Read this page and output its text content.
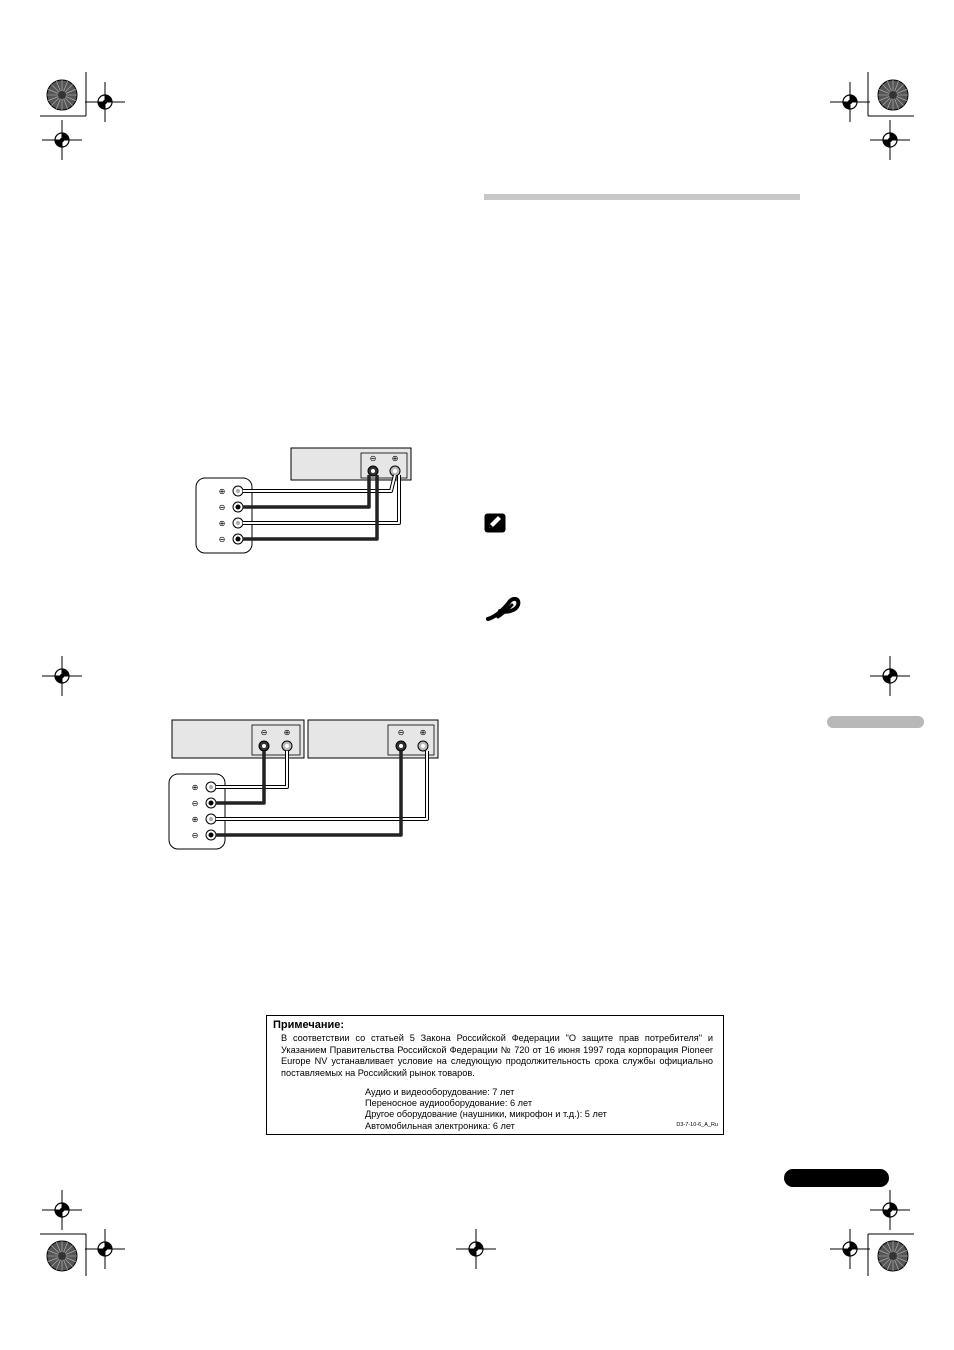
⊖ ⊕
⊕
⊖
⊕
⊖
⊖ ⊕	⊖ ⊕
⊕
⊖
⊕
⊖
Примечание:
В соответствии со статьей 5 Закона Российской Федерации "О защите прав потребителя" и Указанием Правительства Российской Федерации № 720 от 16 июня 1997 года корпорация Pioneer Europe NV устанавливает условие на следующую продолжительность срока службы официально поставляемых на Российский рынок товаров.
Аудио и видеооборудование: 7 лет
Переносное аудиооборудование: 6 лет
Другое оборудование (наушники, микрофон и т.д.): 5 лет
Автомобильная электроника: 6 лет	D3-7-10-6_A_Ru
